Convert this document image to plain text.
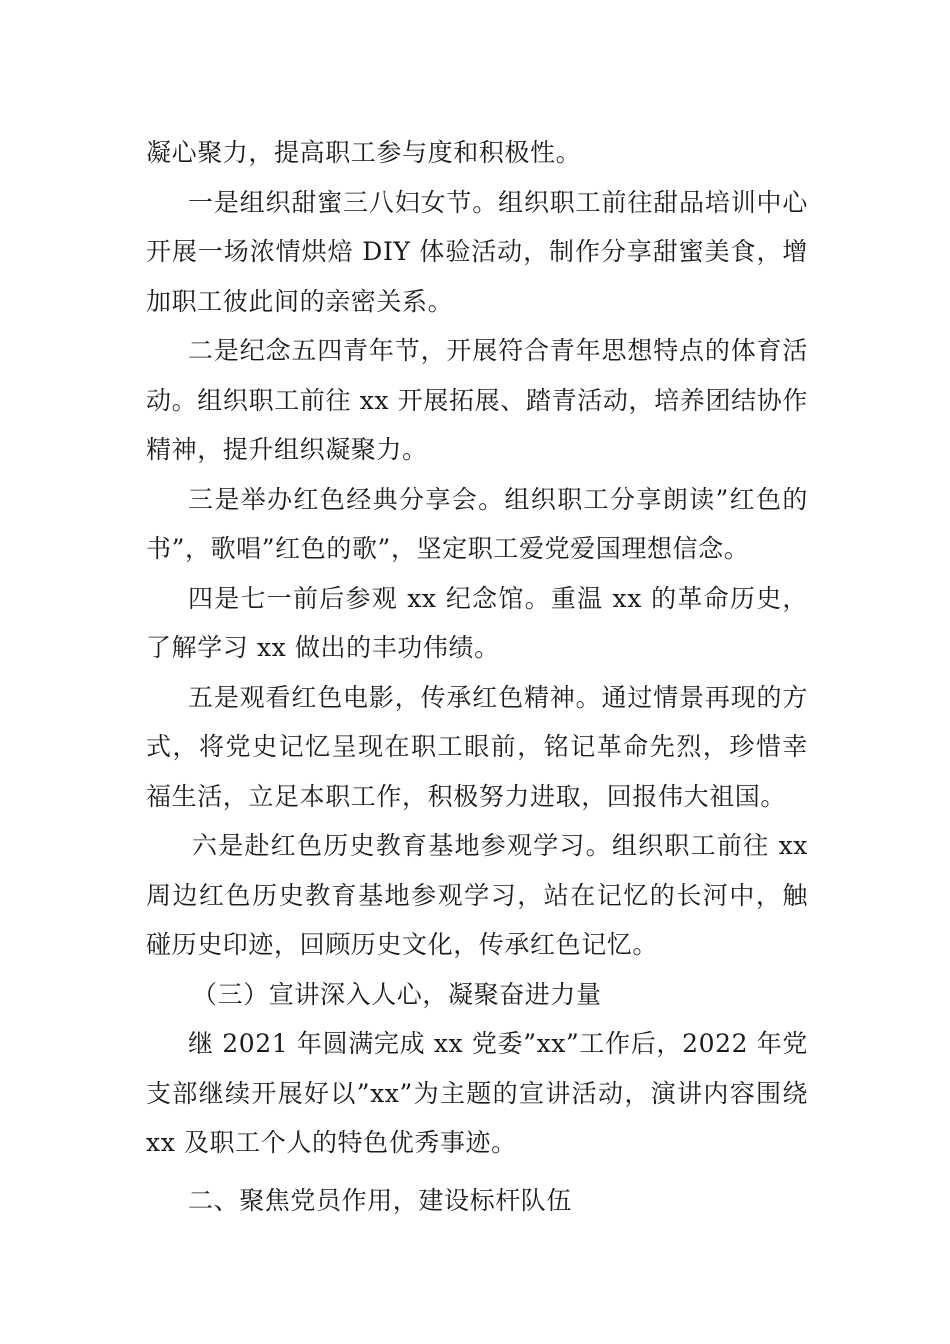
凝心聚力，提高职工参与度和积极性。

一是组织甜蜜三八妇女节。组织职工前往甜品培训中心开展一场浓情烘焙 DIY 体验活动，制作分享甜蜜美食，增加职工彼此间的亲密关系。

二是纪念五四青年节，开展符合青年思想特点的体育活动。组织职工前往 xx 开展拓展、踏青活动，培养团结协作精神，提升组织凝聚力。

三是举办红色经典分享会。组织职工分享朗读”红色的书”，歌唱”红色的歌”，坚定职工爱党爱国理想信念。

四是七一前后参观 xx 纪念馆。重温 xx 的革命历史，了解学习 xx 做出的丰功伟绩。

五是观看红色电影，传承红色精神。通过情景再现的方式，将党史记忆呈现在职工眼前，铭记革命先烈，珍惜幸福生活，立足本职工作，积极努力进取，回报伟大祖国。

六是赴红色历史教育基地参观学习。组织职工前往 xx 周边红色历史教育基地参观学习，站在记忆的长河中，触碰历史印迹，回顾历史文化，传承红色记忆。

（三）宣讲深入人心，凝聚奋进力量

继 2021 年圆满完成 xx 党委”xx”工作后，2022 年党支部继续开展好以”xx”为主题的宣讲活动，演讲内容围绕 xx 及职工个人的特色优秀事迹。

二、聚焦党员作用，建设标杆队伍
